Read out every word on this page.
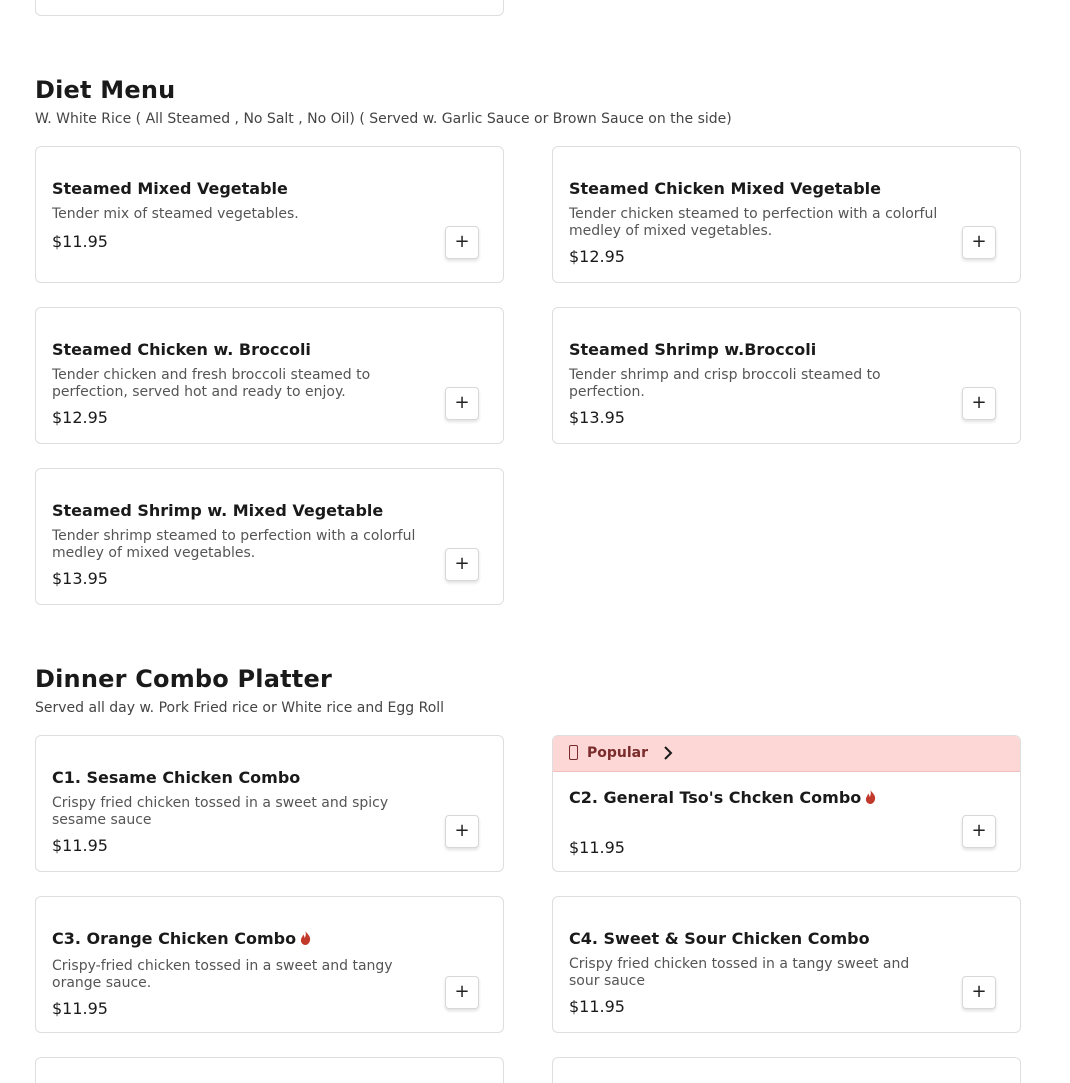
Diet Menu
W. White Rice ( All Steamed , No Salt , No Oil) ( Served w. Garlic Sauce or Brown Sauce on the side)
Steamed Mixed Vegetable
Tender mix of steamed vegetables.
$11.95	+
Steamed Chicken Mixed Vegetable
Tender chicken steamed to perfection with a colorful medley of mixed vegetables.
$12.95
+
Steamed Chicken w. Broccoli
Tender chicken and fresh broccoli steamed to perfection, served hot and ready to enjoy.
$12.95
+
Steamed Shrimp w.Broccoli
Tender shrimp and crisp broccoli steamed to perfection.
$13.95
+
Steamed Shrimp w. Mixed Vegetable
Tender shrimp steamed to perfection with a colorful medley of mixed vegetables.
$13.95
+
Dinner Combo Platter
Served all day w. Pork Fried rice or White rice and Egg Roll
C1. Sesame Chicken Combo
Crispy fried chicken tossed in a sweet and spicy sesame sauce
$11.95
+
Popular
C2. General Tso's Chcken Combo
$11.95
+
C3. Orange Chicken Combo
Crispy-fried chicken tossed in a sweet and tangy orange sauce.
$11.95
+
C4. Sweet & Sour Chicken Combo
Crispy fried chicken tossed in a tangy sweet and sour sauce
$11.95
+
